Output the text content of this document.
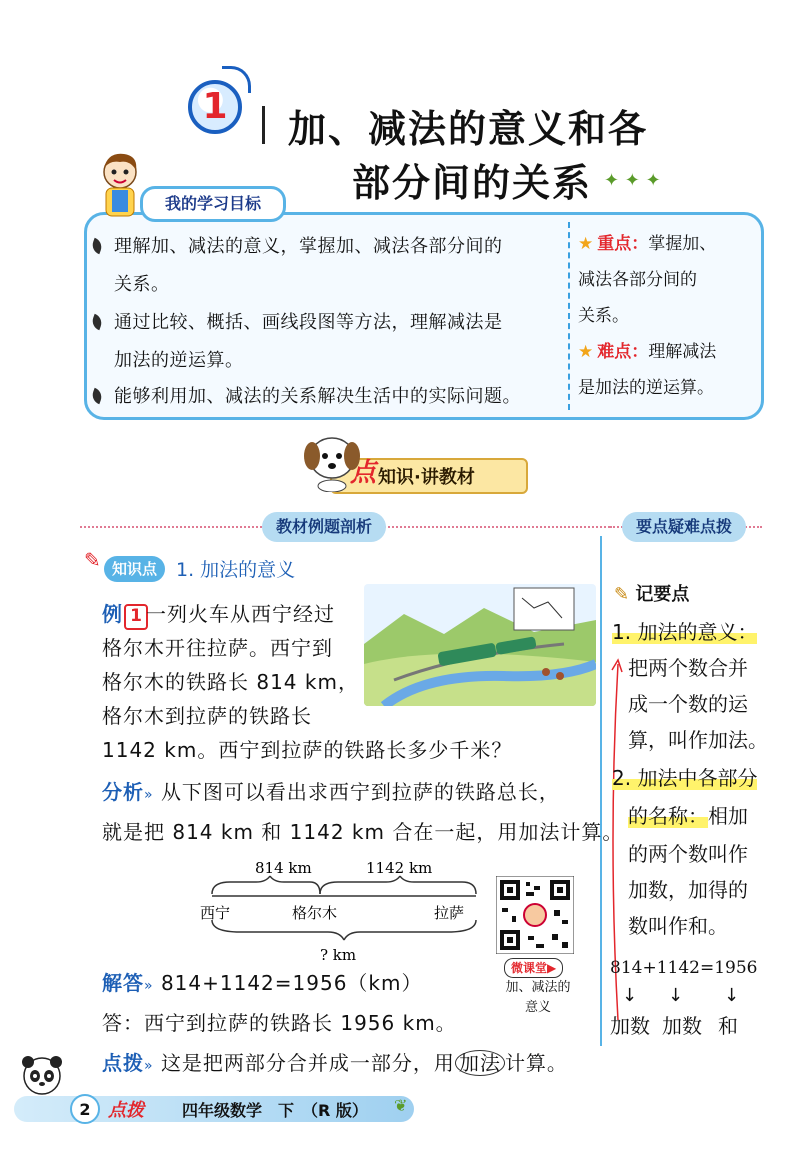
1
加、减法的意义和各
部分间的关系 ✦ ✦ ✦
我的学习目标
理解加、减法的意义，掌握加、减法各部分间的
关系。
通过比较、概括、画线段图等方法，理解减法是
加法的逆运算。
能够利用加、减法的关系解决生活中的实际问题。
★ 重点：掌握加、
减法各部分间的
关系。
★ 难点：理解减法
是加法的逆运算。
点 知识·讲教材
教材例题剖析	要点疑难点拨
✎ 知识点 1. 加法的意义
例 1 一列火车从西宁经过
格尔木开往拉萨。西宁到
格尔木的铁路长 814 km，
格尔木到拉萨的铁路长
1142 km。西宁到拉萨的铁路长多少千米？
分析» 从下图可以看出求西宁到拉萨的铁路总长，
就是把 814 km 和 1142 km 合在一起，用加法计算。
814 km	1142 km
西宁	格尔木	拉萨
? km
微课堂▶
加、减法的
意义
解答» 814+1142=1956（km）
答：西宁到拉萨的铁路长 1956 km。
点拨» 这是把两部分合并成一部分，用 加法 计算。
✎ 记要点
1. 加法的意义：
把两个数合并
成一个数的运
算，叫作加法。
2. 加法中各部分
的名称：相加
的两个数叫作
加数，加得的
数叫作和。
814+1142=1956
↓ ↓ ↓
加数 加数 和
2 点拨 四年级数学　下　（R 版） ❦
